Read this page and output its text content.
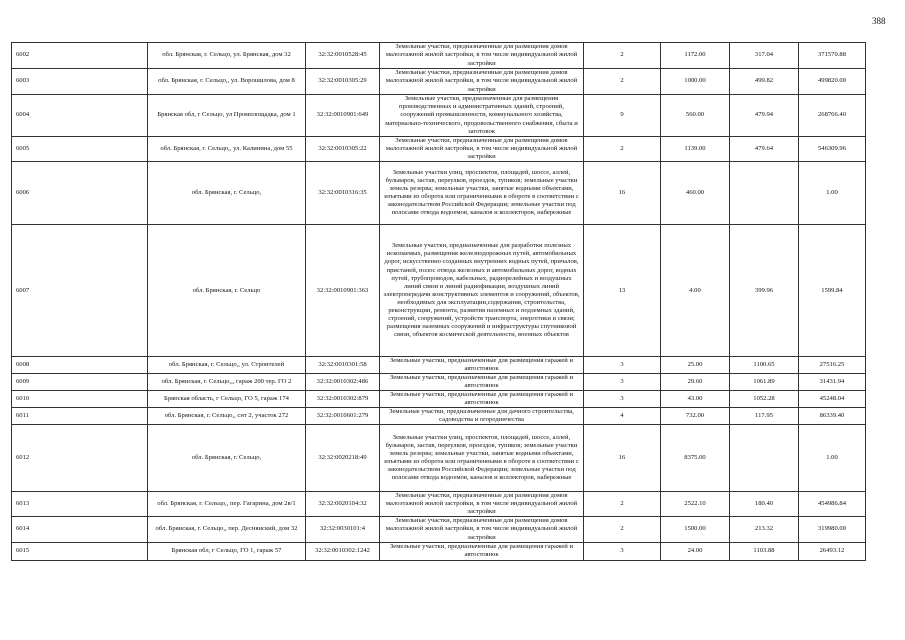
388
6002	обл. Брянская, г. Сельцо, ул. Брянская, дом 32	32:32:0010528:45	Земельные участки, предназначенные для размещения домов малоэтажной жилой застройки, в том числе индивидуальной жилой застройки	2	1172.00	317.04	371570.88
6003	обл. Брянская, г. Сельцо,, ул. Ворошилова, дом 8	32:32:0010305:29	Земельные участки, предназначенные для размещения домов малоэтажной жилой застройки, в том числе индивидуальной жилой застройки	2	1000.00	499.82	499820.00
6004	Брянская обл, г Сельцо, ул Промплощадка, дом 1	32:32:0010901:649	Земельные участки, предназначенные для размещения производственных и административных зданий, строений, сооружений промышленности, коммунального хозяйства, материально-технического, продовольственного снабжения, сбыта и заготовок	9	560.00	479.94	268766.40
6005	обл. Брянская, г. Сельцо,, ул. Калинина, дом 55	32:32:0010305:22	Земельные участки, предназначенные для размещения домов малоэтажной жилой застройки, в том числе индивидуальной жилой застройки	2	1139.00	479.64	546309.96
6006	обл. Брянская, г. Сельцо,	32:32:0010316:35	Земельные участки улиц, проспектов, площадей, шоссе, аллей, бульваров, застав, переулков, проездов, тупиков; земельные участки земель резерва; земельные участки, занятые водными объектами, изъятыми из оборота или ограниченными в обороте в соответствии с законодательством Российской Федерации; земельные участки под полосами отвода водоемов, каналов и коллекторов, набережные	16	460.00		1.00
6007	обл. Брянская, г. Сельцо	32:32:0010901:363	Земельные участки, предназначенные для разработки полезных ископаемых, размещения железнодорожных путей, автомобильных дорог, искусственно созданных внутренних водных путей, причалов, пристаней, полос отвода железных и автомобильных дорог, водных путей, трубопроводов, кабельных, радиорелейных и воздушных линий связи и линий радиофикации, воздушных линий электропередачи конструктивных элементов и сооружений, объектов, необходимых для эксплуатации,содержания, строительства, реконструкции, ремонта, развития наземных и подземных зданий, строений, сооружений, устройств транспорта, энергетики и связи; размещения наземных сооружений и инфраструктуры спутниковой связи, объектов космической деятельности, военных объектов	13	4.00	399.96	1599.84
6008	обл. Брянская, г. Сельцо,, ул. Строителей	32:32:0010301:58	Земельные участки, предназначенные для размещения гаражей и автостоянок	3	25.00	1100.65	27516.25
6009	обл. Брянская, г. Сельцо,,, гараж 200 тер. ГО 2	32:32:0010302:486	Земельные участки, предназначенные для размещения гаражей и автостоянок	3	29.60	1061.89	31431.94
6010	Брянская область, г Сельцо, ГО 5, гараж 174	32:32:0010302:879	Земельные участки, предназначенные для размещения гаражей и автостоянок	3	43.00	1052.28	45248.04
6011	обл. Брянская, г. Сельцо,, снт 2, участок 272	32:32:0010601:279	Земельные участки, предназначенные для дачного строительства, садоводства и огородничества	4	732.00	117.95	86339.40
6012	обл. Брянская, г. Сельцо,	32:32:0020218:49	Земельные участки улиц, проспектов, площадей, шоссе, аллей, бульваров, застав, переулков, проездов, тупиков; земельные участки земель резерва; земельные участки, занятые водными объектами, изъятыми из оборота или ограниченными в обороте в соответствии с законодательством Российской Федерации; земельные участки под полосами отвода водоемов, каналов и коллекторов, набережные	16	8375.00		1.00
6013	обл. Брянская, г. Сельцо,, пер. Гагарина, дом 2в/1	32:32:0020104:32	Земельные участки, предназначенные для размещения домов малоэтажной жилой застройки, в том числе индивидуальной жилой застройки	2	2522.10	180.40	454986.84
6014	обл. Брянская, г. Сельцо,, пер. Деснянский, дом 32	32:32:0030101:4	Земельные участки, предназначенные для размещения домов малоэтажной жилой застройки, в том числе индивидуальной жилой застройки	2	1500.00	213.32	319980.00
6015	Брянская обл, г Сельцо, ГО 1, гараж 57	32:32:0010302:1242	Земельные участки, предназначенные для размещения гаражей и автостоянок	3	24.00	1103.88	26493.12
